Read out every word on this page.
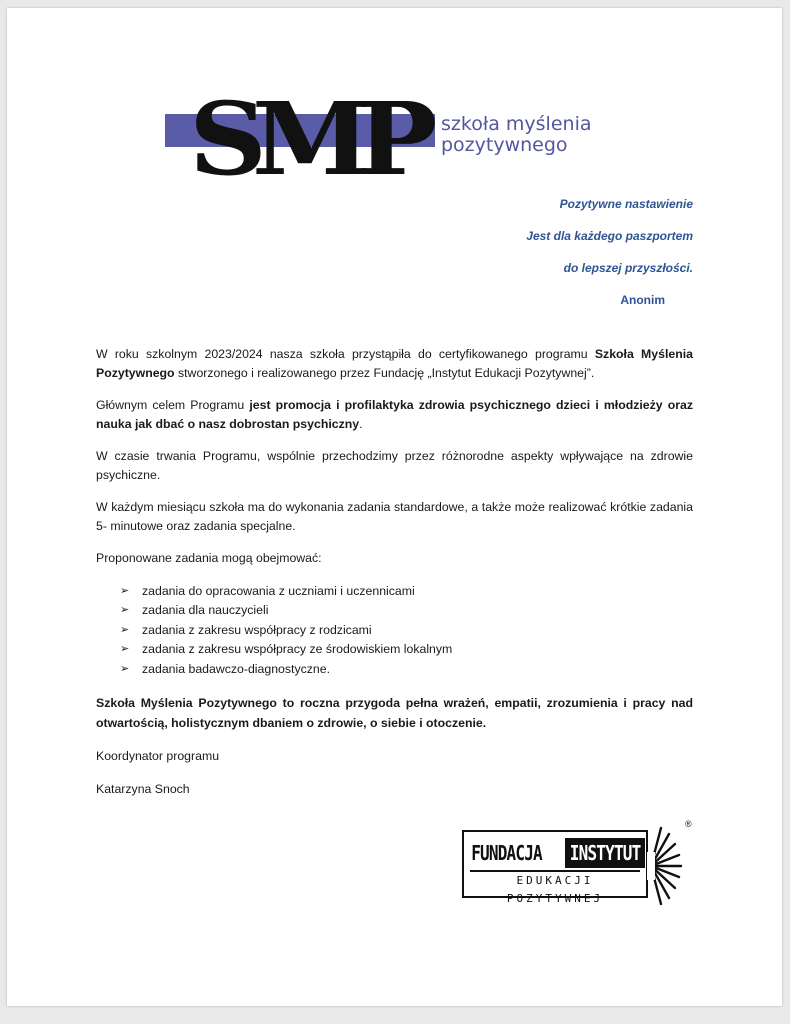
SMP szkoła myślenia
pozytywnego
Pozytywne nastawienie
Jest dla każdego paszportem
do lepszej przyszłości.
Anonim

W roku szkolnym 2023/2024 nasza szkoła przystąpiła do certyfikowanego programu Szkoła Myślenia Pozytywnego stworzonego i realizowanego przez Fundację „Instytut Edukacji Pozytywnej”.

Głównym celem Programu jest promocja i profilaktyka zdrowia psychicznego dzieci i młodzieży oraz nauka jak dbać o nasz dobrostan psychiczny.

W czasie trwania Programu, wspólnie przechodzimy przez różnorodne aspekty wpływające na zdrowie psychiczne.

W każdym miesiącu szkoła ma do wykonania zadania standardowe, a także może realizować krótkie zadania 5- minutowe oraz zadania specjalne.

Proponowane zadania mogą obejmować:

➢ zadania do opracowania z uczniami i uczennicami
➢ zadania dla nauczycieli
➢ zadania z zakresu współpracy z rodzicami
➢ zadania z zakresu współpracy ze środowiskiem lokalnym
➢ zadania badawczo-diagnostyczne.

Szkoła Myślenia Pozytywnego to roczna przygoda pełna wrażeń, empatii, zrozumienia i pracy nad otwartością, holistycznym dbaniem o zdrowie, o siebie i otoczenie.

Koordynator programu

Katarzyna Snoch

FUNDACJA	INSTYTUT
EDUKACJI POZYTYWNEJ
®
